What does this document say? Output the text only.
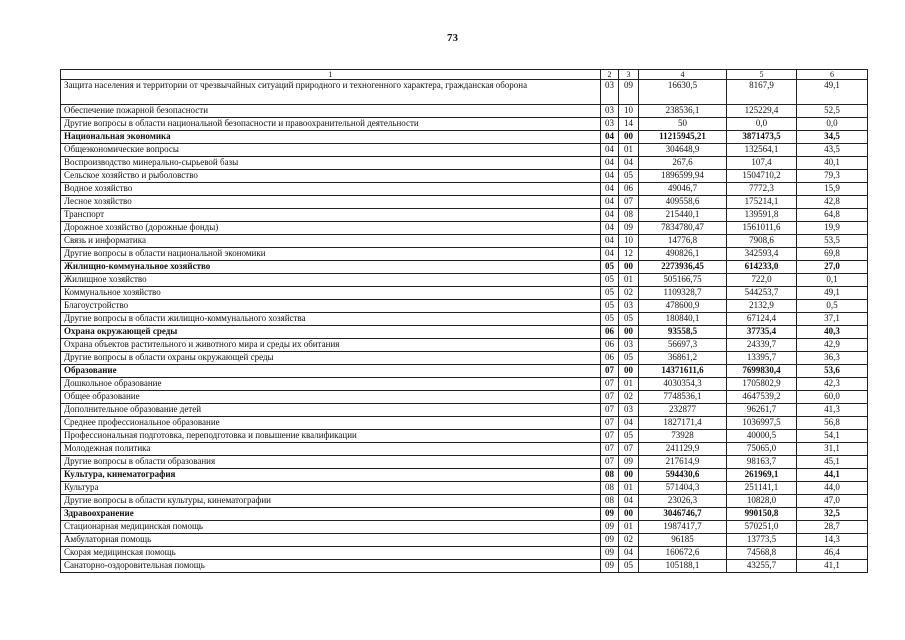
73
1	2	3	4	5	6
Защита населения и территории от чрезвычайных ситуаций природного и техногенного характера, гражданская оборона	03	09	16630,5	8167,9	49,1
Обеспечение пожарной безопасности	03	10	238536,1	125229,4	52,5
Другие вопросы в области национальной безопасности и правоохранительной деятельности	03	14	50	0,0	0,0
Национальная экономика	04	00	11215945,21	3871473,5	34,5
Общеэкономические вопросы	04	01	304648,9	132564,1	43,5
Воспроизводство минерально-сырьевой базы	04	04	267,6	107,4	40,1
Сельское хозяйство и рыболовство	04	05	1896599,94	1504710,2	79,3
Водное хозяйство	04	06	49046,7	7772,3	15,9
Лесное хозяйство	04	07	409558,6	175214,1	42,8
Транспорт	04	08	215440,1	139591,8	64,8
Дорожное хозяйство (дорожные фонды)	04	09	7834780,47	1561011,6	19,9
Связь и информатика	04	10	14776,8	7908,6	53,5
Другие вопросы в области национальной экономики	04	12	490826,1	342593,4	69,8
Жилищно-коммунальное хозяйство	05	00	2273936,45	614233,0	27,0
Жилищное хозяйство	05	01	505166,75	722,0	0,1
Коммунальное хозяйство	05	02	1109328,7	544253,7	49,1
Благоустройство	05	03	478600,9	2132,9	0,5
Другие вопросы в области жилищно-коммунального хозяйства	05	05	180840,1	67124,4	37,1
Охрана окружающей среды	06	00	93558,5	37735,4	40,3
Охрана объектов растительного и животного мира и среды их обитания	06	03	56697,3	24339,7	42,9
Другие вопросы в области охраны окружающей среды	06	05	36861,2	13395,7	36,3
Образование	07	00	14371611,6	7699830,4	53,6
Дошкольное образование	07	01	4030354,3	1705802,9	42,3
Общее образование	07	02	7748536,1	4647539,2	60,0
Дополнительное образование детей	07	03	232877	96261,7	41,3
Среднее профессиональное образование	07	04	1827171,4	1036997,5	56,8
Профессиональная подготовка, переподготовка и повышение квалификации	07	05	73928	40000,5	54,1
Молодежная политика	07	07	241129,9	75065,0	31,1
Другие вопросы в области образования	07	09	217614,9	98163,7	45,1
Культура, кинематография	08	00	594430,6	261969,1	44,1
Культура	08	01	571404,3	251141,1	44,0
Другие вопросы в области культуры, кинематографии	08	04	23026,3	10828,0	47,0
Здравоохранение	09	00	3046746,7	990150,8	32,5
Стационарная медицинская помощь	09	01	1987417,7	570251,0	28,7
Амбулаторная помощь	09	02	96185	13773,5	14,3
Скорая медицинская помощь	09	04	160672,6	74568,8	46,4
Санаторно-оздоровительная помощь	09	05	105188,1	43255,7	41,1
